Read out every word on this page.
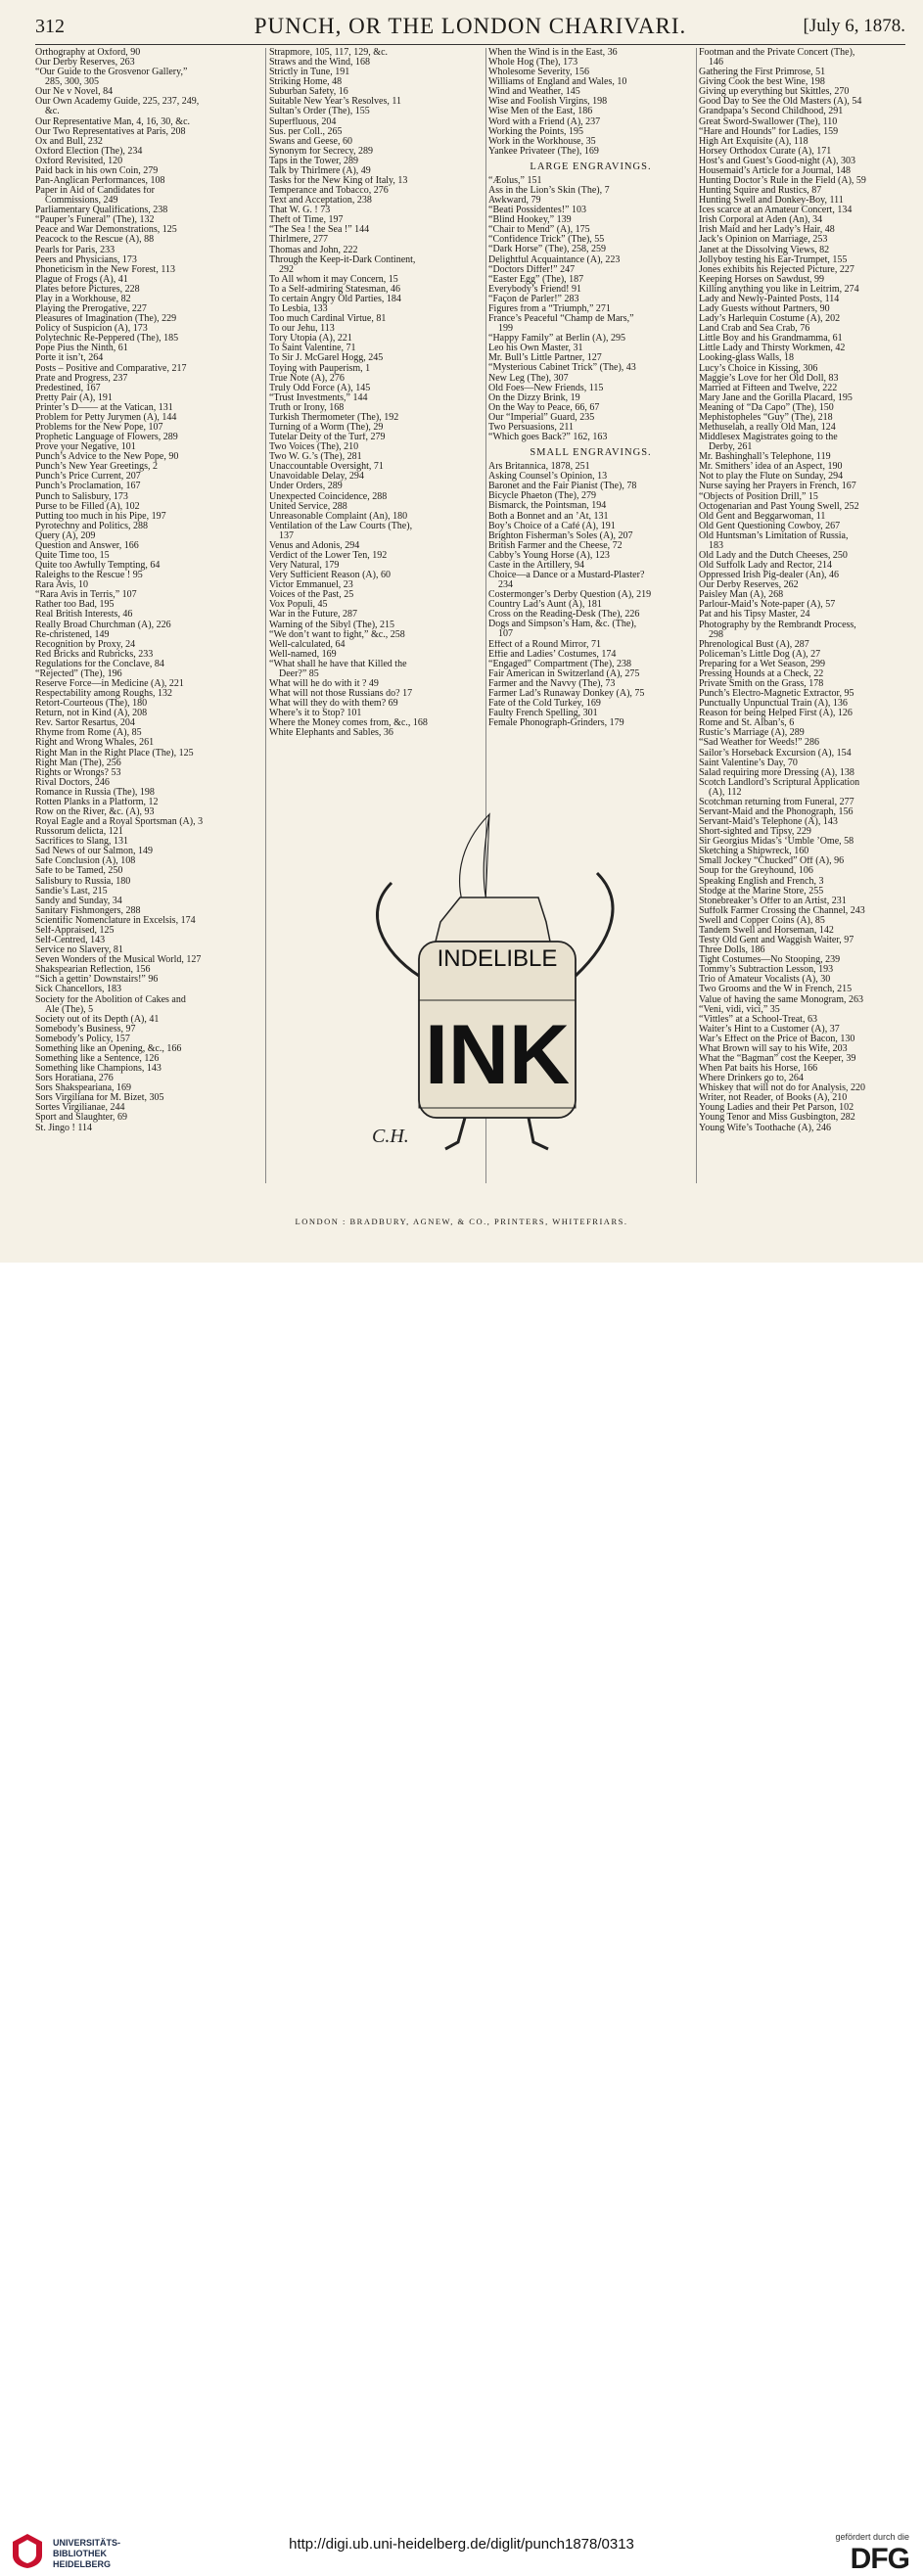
312	PUNCH, OR THE LONDON CHARIVARI.	[July 6, 1878.
Orthography at Oxford, 90
Our Derby Reserves, 263
“Our Guide to the Grosvenor Gallery,”
285, 300, 305
Our Ne v Novel, 84
Our Own Academy Guide, 225, 237, 249,
&c.
Our Representative Man, 4, 16, 30, &c.
Our Two Representatives at Paris, 208
Ox and Bull, 232
Oxford Election (The), 234
Oxford Revisited, 120
Paid back in his own Coin, 279
Pan-Anglican Performances, 108
Paper in Aid of Candidates for
Commissions, 249
Parliamentary Qualifications, 238
“Pauper’s Funeral” (The), 132
Peace and War Demonstrations, 125
Peacock to the Rescue (A), 88
Pearls for Paris, 233
Peers and Physicians, 173
Phoneticism in the New Forest, 113
Plague of Frogs (A), 41
Plates before Pictures, 228
Play in a Workhouse, 82
Playing the Prerogative, 227
Pleasures of Imagination (The), 229
Policy of Suspicion (A), 173
Polytechnic Re-Peppered (The), 185
Pope Pius the Ninth, 61
Porte it isn’t, 264
Posts – Positive and Comparative, 217
Prate and Progress, 237
Predestined, 167
Pretty Pair (A), 191
Printer’s D—— at the Vatican, 131
Problem for Petty Jurymen (A), 144
Problems for the New Pope, 107
Prophetic Language of Flowers, 289
Prove your Negative, 101
Punch’s Advice to the New Pope, 90
Punch’s New Year Greetings, 2
Punch’s Price Current, 207
Punch’s Proclamation, 167
Punch to Salisbury, 173
Purse to be Filled (A), 102
Putting too much in his Pipe, 197
Pyrotechny and Politics, 288
Query (A), 209
Question and Answer, 166
Quite Time too, 15
Quite too Awfully Tempting, 64
Raleighs to the Rescue ! 95
Rara Avis, 10
“Rara Avis in Terris,” 107
Rather too Bad, 195
Real British Interests, 46
Really Broad Churchman (A), 226
Re-christened, 149
Recognition by Proxy, 24
Red Bricks and Rubricks, 233
Regulations for the Conclave, 84
“Rejected” (The), 196
Reserve Force—in Medicine (A), 221
Respectability among Roughs, 132
Retort-Courteous (The), 180
Return, not in Kind (A), 208
Rev. Sartor Resartus, 204
Rhyme from Rome (A), 85
Right and Wrong Whales, 261
Right Man in the Right Place (The), 125
Right Man (The), 256
Rights or Wrongs? 53
Rival Doctors, 246
Romance in Russia (The), 198
Rotten Planks in a Platform, 12
Row on the River, &c. (A), 93
Royal Eagle and a Royal Sportsman (A), 3
Russorum delicta, 121
Sacrifices to Slang, 131
Sad News of our Salmon, 149
Safe Conclusion (A), 108
Safe to be Tamed, 250
Salisbury to Russia, 180
Sandie’s Last, 215
Sandy and Sunday, 34
Sanitary Fishmongers, 288
Scientific Nomenclature in Excelsis, 174
Self-Appraised, 125
Self-Centred, 143
Service no Slavery, 81
Seven Wonders of the Musical World, 127
Shakspearian Reflection, 156
“Sich a gettin’ Downstairs!” 96
Sick Chancellors, 183
Society for the Abolition of Cakes and
Ale (The), 5
Society out of its Depth (A), 41
Somebody’s Business, 97
Somebody’s Policy, 157
Something like an Opening, &c., 166
Something like a Sentence, 126
Something like Champions, 143
Sors Horatiana, 276
Sors Shakspeariana, 169
Sors Virgiliana for M. Bizet, 305
Sortes Virgilianae, 244
Sport and Slaughter, 69
St. Jingo ! 114
Strapmore, 105, 117, 129, &c.
Straws and the Wind, 168
Strictly in Tune, 191
Striking Home, 48
Suburban Safety, 16
Suitable New Year’s Resolves, 11
Sultan’s Order (The), 155
Superfluous, 204
Sus. per Coll., 265
Swans and Geese, 60
Synonym for Secrecy, 289
Taps in the Tower, 289
Talk by Thirlmere (A), 49
Tasks for the New King of Italy, 13
Temperance and Tobacco, 276
Text and Acceptation, 238
That W. G. ! 73
Theft of Time, 197
“The Sea ! the Sea !” 144
Thirlmere, 277
Thomas and John, 222
Through the Keep-it-Dark Continent,
292
To All whom it may Concern, 15
To a Self-admiring Statesman, 46
To certain Angry Old Parties, 184
To Lesbia, 133
Too much Cardinal Virtue, 81
To our Jehu, 113
Tory Utopia (A), 221
To Saint Valentine, 71
To Sir J. McGarel Hogg, 245
Toying with Pauperism, 1
True Note (A), 276
Truly Odd Force (A), 145
“Trust Investments,” 144
Truth or Irony, 168
Turkish Thermometer (The), 192
Turning of a Worm (The), 29
Tutelar Deity of the Turf, 279
Two Voices (The), 210
Two W. G.’s (The), 281
Unaccountable Oversight, 71
Unavoidable Delay, 294
Under Orders, 289
Unexpected Coincidence, 288
United Service, 288
Unreasonable Complaint (An), 180
Ventilation of the Law Courts (The),
137
Venus and Adonis, 294
Verdict of the Lower Ten, 192
Very Natural, 179
Very Sufficient Reason (A), 60
Victor Emmanuel, 23
Voices of the Past, 25
Vox Populi, 45
War in the Future, 287
Warning of the Sibyl (The), 215
“We don’t want to fight,” &c., 258
Well-calculated, 64
Well-named, 169
“What shall he have that Killed the
Deer?” 85
What will he do with it ? 49
What will not those Russians do? 17
What will they do with them? 69
Where’s it to Stop? 101
Where the Money comes from, &c., 168
White Elephants and Sables, 36
When the Wind is in the East, 36
Whole Hog (The), 173
Wholesome Severity, 156
Williams of England and Wales, 10
Wind and Weather, 145
Wise and Foolish Virgins, 198
Wise Men of the East, 186
Word with a Friend (A), 237
Working the Points, 195
Work in the Workhouse, 35
Yankee Privateer (The), 169
LARGE ENGRAVINGS.
“Æolus,” 151
Ass in the Lion’s Skin (The), 7
Awkward, 79
“Beati Possidentes!” 103
“Blind Hookey,” 139
“Chair to Mend” (A), 175
“Confidence Trick” (The), 55
“Dark Horse” (The), 258, 259
Delightful Acquaintance (A), 223
“Doctors Differ!” 247
“Easter Egg” (The), 187
Everybody’s Friend! 91
“Façon de Parler!” 283
Figures from a “Triumph,” 271
France’s Peaceful “Champ de Mars,”
199
“Happy Family” at Berlin (A), 295
Leo his Own Master, 31
Mr. Bull’s Little Partner, 127
“Mysterious Cabinet Trick” (The), 43
New Leg (The), 307
Old Foes—New Friends, 115
On the Dizzy Brink, 19
On the Way to Peace, 66, 67
Our “Imperial” Guard, 235
Two Persuasions, 211
“Which goes Back?” 162, 163
SMALL ENGRAVINGS.
Ars Britannica, 1878, 251
Asking Counsel’s Opinion, 13
Baronet and the Fair Pianist (The), 78
Bicycle Phaeton (The), 279
Bismarck, the Pointsman, 194
Both a Bonnet and an ’At, 131
Boy’s Choice of a Café (A), 191
Brighton Fisherman’s Soles (A), 207
British Farmer and the Cheese, 72
Cabby’s Young Horse (A), 123
Caste in the Artillery, 94
Choice—a Dance or a Mustard-Plaster?
234
Costermonger’s Derby Question (A), 219
Country Lad’s Aunt (A), 181
Cross on the Reading-Desk (The), 226
Dogs and Simpson’s Ham, &c. (The),
107
Effect of a Round Mirror, 71
Effie and Ladies’ Costumes, 174
“Engaged” Compartment (The), 238
Fair American in Switzerland (A), 275
Farmer and the Navvy (The), 73
Farmer Lad’s Runaway Donkey (A), 75
Fate of the Cold Turkey, 169
Faulty French Spelling, 301
Female Phonograph-Grinders, 179
Footman and the Private Concert (The),
146
Gathering the First Primrose, 51
Giving Cook the best Wine, 198
Giving up everything but Skittles, 270
Good Day to See the Old Masters (A), 54
Grandpapa’s Second Childhood, 291
Great Sword-Swallower (The), 110
“Hare and Hounds” for Ladies, 159
High Art Exquisite (A), 118
Horsey Orthodox Curate (A), 171
Host’s and Guest’s Good-night (A), 303
Housemaid’s Article for a Journal, 148
Hunting Doctor’s Rule in the Field (A), 59
Hunting Squire and Rustics, 87
Hunting Swell and Donkey-Boy, 111
Ices scarce at an Amateur Concert, 134
Irish Corporal at Aden (An), 34
Irish Maid and her Lady’s Hair, 48
Jack’s Opinion on Marriage, 253
Janet at the Dissolving Views, 82
Jollyboy testing his Ear-Trumpet, 155
Jones exhibits his Rejected Picture, 227
Keeping Horses on Sawdust, 99
Killing anything you like in Leitrim, 274
Lady and Newly-Painted Posts, 114
Lady Guests without Partners, 90
Lady’s Harlequin Costume (A), 202
Land Crab and Sea Crab, 76
Little Boy and his Grandmamma, 61
Little Lady and Thirsty Workmen, 42
Looking-glass Walls, 18
Lucy’s Choice in Kissing, 306
Maggie’s Love for her Old Doll, 83
Married at Fifteen and Twelve, 222
Mary Jane and the Gorilla Placard, 195
Meaning of “Da Capo” (The), 150
Mephistopheles “Guy” (The), 218
Methuselah, a really Old Man, 124
Middlesex Magistrates going to the
Derby, 261
Mr. Bashinghall’s Telephone, 119
Mr. Smithers’ idea of an Aspect, 190
Not to play the Flute on Sunday, 294
Nurse saying her Prayers in French, 167
“Objects of Position Drill,” 15
Octogenarian and Past Young Swell, 252
Old Gent and Beggarwoman, 11
Old Gent Questioning Cowboy, 267
Old Huntsman’s Limitation of Russia,
183
Old Lady and the Dutch Cheeses, 250
Old Suffolk Lady and Rector, 214
Oppressed Irish Pig-dealer (An), 46
Our Derby Reserves, 262
Paisley Man (A), 268
Parlour-Maid’s Note-paper (A), 57
Pat and his Tipsy Master, 24
Photography by the Rembrandt Process,
298
Phrenological Bust (A), 287
Policeman’s Little Dog (A), 27
Preparing for a Wet Season, 299
Pressing Hounds at a Check, 22
Private Smith on the Grass, 178
Punch’s Electro-Magnetic Extractor, 95
Punctually Unpunctual Train (A), 136
Reason for being Helped First (A), 126
Rome and St. Alban’s, 6
Rustic’s Marriage (A), 289
“Sad Weather for Weeds!” 286
Sailor’s Horseback Excursion (A), 154
Saint Valentine’s Day, 70
Salad requiring more Dressing (A), 138
Scotch Landlord’s Scriptural Application
(A), 112
Scotchman returning from Funeral, 277
Servant-Maid and the Phonograph, 156
Servant-Maid’s Telephone (A), 143
Short-sighted and Tipsy, 229
Sir Georgius Midas’s ‘Umble ’Ome, 58
Sketching a Shipwreck, 160
Small Jockey “Chucked” Off (A), 96
Soup for the Greyhound, 106
Speaking English and French, 3
Stodge at the Marine Store, 255
Stonebreaker’s Offer to an Artist, 231
Suffolk Farmer Crossing the Channel, 243
Swell and Copper Coins (A), 85
Tandem Swell and Horseman, 142
Testy Old Gent and Waggish Waiter, 97
Three Dolls, 186
Tight Costumes—No Stooping, 239
Tommy’s Subtraction Lesson, 193
Trio of Amateur Vocalists (A), 30
Two Grooms and the W in French, 215
Value of having the same Monogram, 263
“Veni, vidi, vici,” 35
“Vittles” at a School-Treat, 63
Waiter’s Hint to a Customer (A), 37
War’s Effect on the Price of Bacon, 130
What Brown will say to his Wife, 203
What the “Bagman” cost the Keeper, 39
When Pat baits his Horse, 166
Where Drinkers go to, 264
Whiskey that will not do for Analysis, 220
Writer, not Reader, of Books (A), 210
Young Ladies and their Pet Parson, 102
Young Tenor and Miss Gusbington, 282
Young Wife’s Toothache (A), 246
INDELIBLE
INK
C.H.
LONDON : BRADBURY, AGNEW, & CO., PRINTERS, WHITEFRIARS.
UNIVERSITÄTS-
BIBLIOTHEK
HEIDELBERG
http://digi.ub.uni-heidelberg.de/diglit/punch1878/0313	gefördert durch die
DFG
